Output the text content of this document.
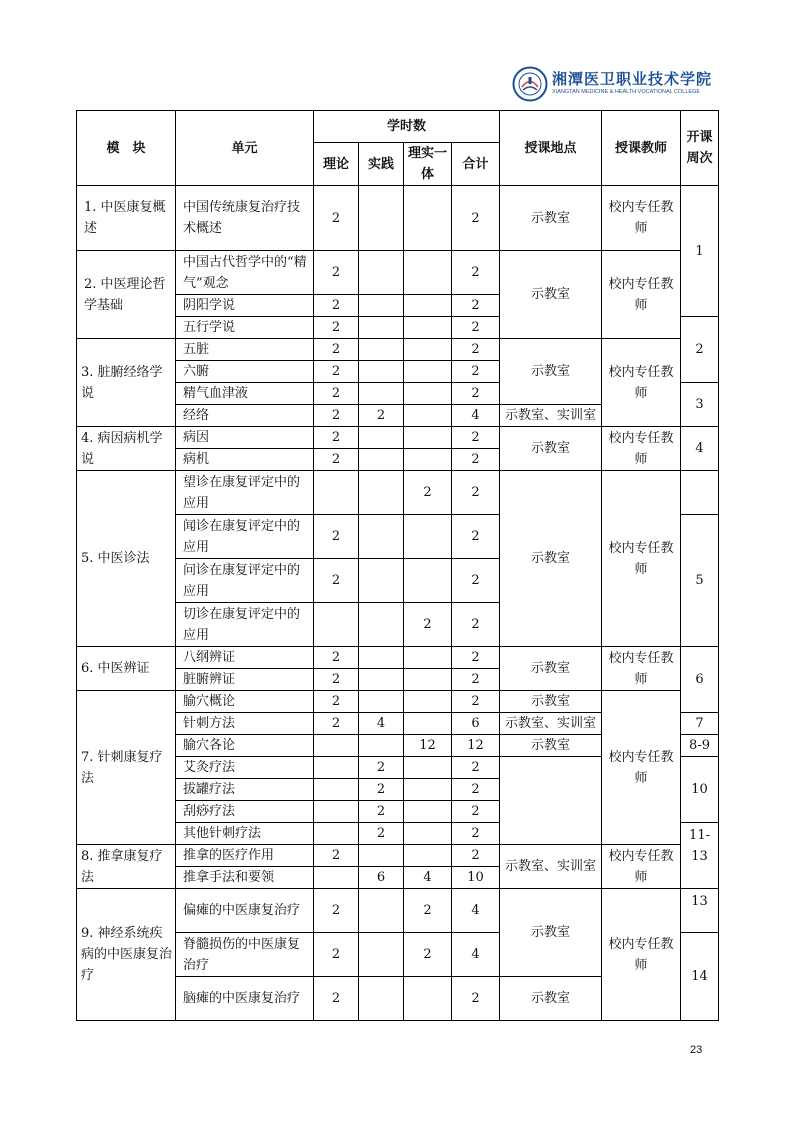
湘潭医卫职业技术学院
XIANGTAN MEDICINE & HEALTH VOCATIONAL COLLEGE
模　块	单元	学时数				授课地点	授课教师	开课周次
		理论	实践	理实一体	合计			
1. 中医康复概述	中国传统康复治疗技术概述	2			2	示教室	校内专任教师	1
2. 中医理论哲学基础	中国古代哲学中的“精气”观念	2			2	示教室	校内专任教师	
	阴阳学说	2			2			
	五行学说	2			2			2
3. 脏腑经络学说	五脏	2			2	示教室	校内专任教师	
	六腑	2			2			
	精气血津液	2			2			3
	经络	2	2		4	示教室、实训室		
4. 病因病机学说	病因	2			2	示教室	校内专任教师	4
	病机	2			2			
5. 中医诊法	望诊在康复评定中的应用			2	2	示教室	校内专任教师	
	闻诊在康复评定中的应用	2			2			5
	问诊在康复评定中的应用	2			2			
	切诊在康复评定中的应用			2	2			
6. 中医辨证	八纲辨证	2			2	示教室	校内专任教师	6
	脏腑辨证	2			2			
7. 针刺康复疗法	腧穴概论	2			2	示教室	校内专任教师	
	针刺方法	2	4		6	示教室、实训室		7
	腧穴各论			12	12	示教室		8-9
	艾灸疗法		2		2			10
	拔罐疗法		2		2			
	刮痧疗法		2		2			
	其他针刺疗法		2		2			11-13
8. 推拿康复疗法	推拿的医疗作用	2			2	示教室、实训室	校内专任教师	
	推拿手法和要领		6	4	10			
9. 神经系统疾病的中医康复治疗	偏瘫的中医康复治疗	2		2	4	示教室	校内专任教师	13
	脊髓损伤的中医康复治疗	2		2	4			14
	脑瘫的中医康复治疗	2			2	示教室		
23
